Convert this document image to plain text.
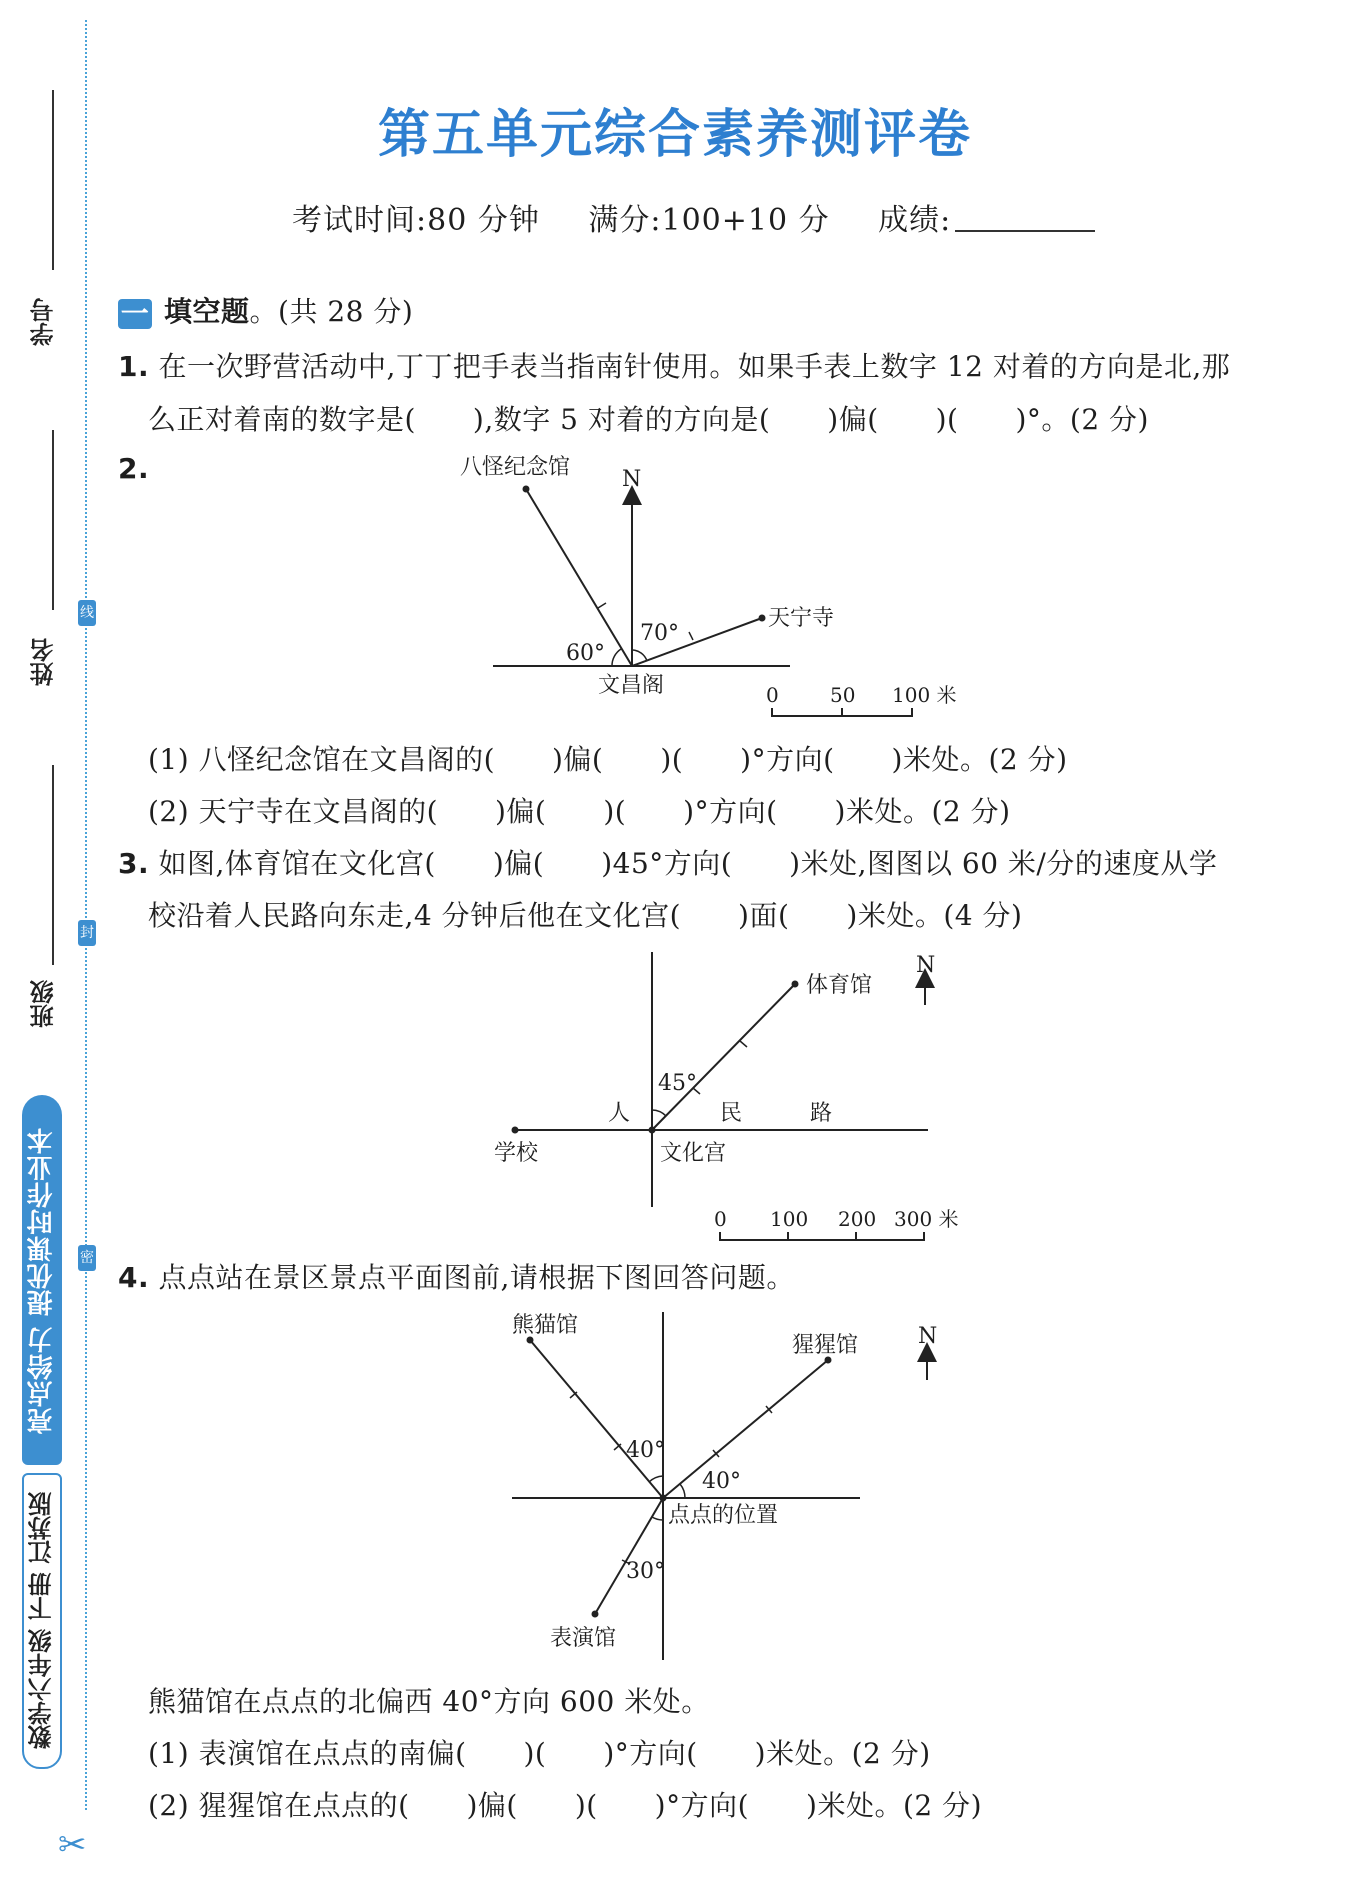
学号
姓名
班级
线
封
密
亮点给力 提优课时作业本
数学六年级 下册 江苏版
✂
第五单元综合素养测评卷
考试时间:80 分钟 满分:100+10 分 成绩:
一 填空题。(共 28 分)
1. 在一次野营活动中,丁丁把手表当指南针使用。如果手表上数字 12 对着的方向是北,那
么正对着南的数字是(　　),数字 5 对着的方向是(　　)偏(　　)(　　)°。(2 分)
2.	N
八怪纪念馆
天宁寺
60°
70°
文昌阁	0	50 100 米
45°
体育馆
N
人	民	路
学校	文化宫
0 100 200 300 米
40°
40°
30°
熊猫馆
猩猩馆
表演馆
点点的位置
N
(1) 八怪纪念馆在文昌阁的(　　)偏(　　)(　　)°方向(　　)米处。(2 分)
(2) 天宁寺在文昌阁的(　　)偏(　　)(　　)°方向(　　)米处。(2 分)
3. 如图,体育馆在文化宫(　　)偏(　　)45°方向(　　)米处,图图以 60 米/分的速度从学
校沿着人民路向东走,4 分钟后他在文化宫(　　)面(　　)米处。(4 分)
4. 点点站在景区景点平面图前,请根据下图回答问题。
熊猫馆在点点的北偏西 40°方向 600 米处。
(1) 表演馆在点点的南偏(　　)(　　)°方向(　　)米处。(2 分)
(2) 猩猩馆在点点的(　　)偏(　　)(　　)°方向(　　)米处。(2 分)
